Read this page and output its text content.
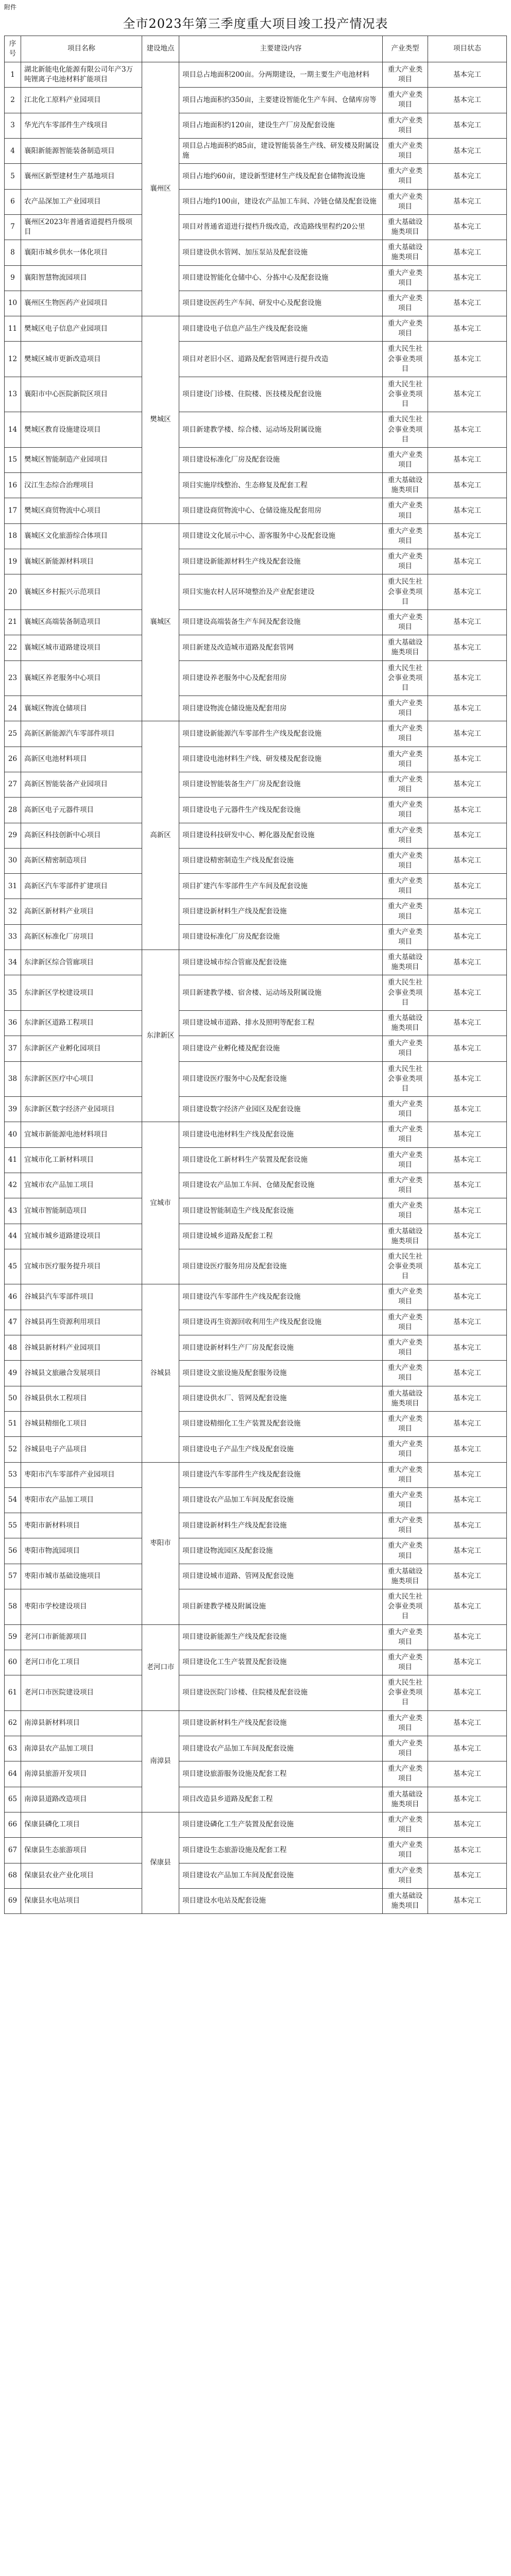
附件
全市2023年第三季度重大项目竣工投产情况表
序号	项目名称	建设地点	主要建设内容	产业类型	项目状态
1	湖北新能电化能源有限公司年产3万吨锂离子电池材料扩能项目	襄州区	项目总占地面积200亩。分两期建设，一期主要生产电池材料	重大产业类项目	基本完工
2	江北化工原料产业园项目		项目占地面积约350亩，主要建设智能化生产车间、仓储库房等	重大产业类项目	基本完工
3	华光汽车零部件生产线项目		项目占地面积约120亩，建设生产厂房及配套设施	重大产业类项目	基本完工
4	襄阳新能源智能装备制造项目		项目总占地面积约85亩，建设智能装备生产线、研发楼及附属设施	重大产业类项目	基本完工
5	襄州区新型建材生产基地项目		项目占地约60亩，建设新型建材生产线及配套仓储物流设施	重大产业类项目	基本完工
6	农产品深加工产业园项目		项目占地约100亩，建设农产品加工车间、冷链仓储及配套设施	重大产业类项目	基本完工
7	襄州区2023年普通省道提档升级项目		项目对普通省道进行提档升级改造，改造路线里程约20公里	重大基础设施类项目	基本完工
8	襄阳市城乡供水一体化项目		项目建设供水管网、加压泵站及配套设施	重大基础设施类项目	基本完工
9	襄阳智慧物流园项目		项目建设智能化仓储中心、分拣中心及配套设施	重大产业类项目	基本完工
10	襄州区生物医药产业园项目		项目建设医药生产车间、研发中心及配套设施	重大产业类项目	基本完工
11	樊城区电子信息产业园项目	樊城区	项目建设电子信息产品生产线及配套设施	重大产业类项目	基本完工
12	樊城区城市更新改造项目		项目对老旧小区、道路及配套管网进行提升改造	重大民生社会事业类项目	基本完工
13	襄阳市中心医院新院区项目		项目建设门诊楼、住院楼、医技楼及配套设施	重大民生社会事业类项目	基本完工
14	樊城区教育设施建设项目		项目新建教学楼、综合楼、运动场及附属设施	重大民生社会事业类项目	基本完工
15	樊城区智能制造产业园项目		项目建设标准化厂房及配套设施	重大产业类项目	基本完工
16	汉江生态综合治理项目		项目实施岸线整治、生态修复及配套工程	重大基础设施类项目	基本完工
17	樊城区商贸物流中心项目		项目建设商贸物流中心、仓储设施及配套用房	重大产业类项目	基本完工
18	襄城区文化旅游综合体项目	襄城区	项目建设文化展示中心、游客服务中心及配套设施	重大产业类项目	基本完工
19	襄城区新能源材料项目		项目建设新能源材料生产线及配套设施	重大产业类项目	基本完工
20	襄城区乡村振兴示范项目		项目实施农村人居环境整治及产业配套建设	重大民生社会事业类项目	基本完工
21	襄城区高端装备制造项目		项目建设高端装备生产车间及配套设施	重大产业类项目	基本完工
22	襄城区城市道路建设项目		项目新建及改造城市道路及配套管网	重大基础设施类项目	基本完工
23	襄城区养老服务中心项目		项目建设养老服务中心及配套用房	重大民生社会事业类项目	基本完工
24	襄城区物流仓储项目		项目建设物流仓储设施及配套用房	重大产业类项目	基本完工
25	高新区新能源汽车零部件项目	高新区	项目建设新能源汽车零部件生产线及配套设施	重大产业类项目	基本完工
26	高新区电池材料项目		项目建设电池材料生产线、研发楼及配套设施	重大产业类项目	基本完工
27	高新区智能装备产业园项目		项目建设智能装备生产厂房及配套设施	重大产业类项目	基本完工
28	高新区电子元器件项目		项目建设电子元器件生产线及配套设施	重大产业类项目	基本完工
29	高新区科技创新中心项目		项目建设科技研发中心、孵化器及配套设施	重大产业类项目	基本完工
30	高新区精密制造项目		项目建设精密制造生产线及配套设施	重大产业类项目	基本完工
31	高新区汽车零部件扩建项目		项目扩建汽车零部件生产车间及配套设施	重大产业类项目	基本完工
32	高新区新材料产业项目		项目建设新材料生产线及配套设施	重大产业类项目	基本完工
33	高新区标准化厂房项目		项目建设标准化厂房及配套设施	重大产业类项目	基本完工
34	东津新区综合管廊项目	东津新区	项目建设城市综合管廊及配套设施	重大基础设施类项目	基本完工
35	东津新区学校建设项目		项目新建教学楼、宿舍楼、运动场及附属设施	重大民生社会事业类项目	基本完工
36	东津新区道路工程项目		项目建设城市道路、排水及照明等配套工程	重大基础设施类项目	基本完工
37	东津新区产业孵化园项目		项目建设产业孵化楼及配套设施	重大产业类项目	基本完工
38	东津新区医疗中心项目		项目建设医疗服务中心及配套设施	重大民生社会事业类项目	基本完工
39	东津新区数字经济产业园项目		项目建设数字经济产业园区及配套设施	重大产业类项目	基本完工
40	宜城市新能源电池材料项目	宜城市	项目建设电池材料生产线及配套设施	重大产业类项目	基本完工
41	宜城市化工新材料项目		项目建设化工新材料生产装置及配套设施	重大产业类项目	基本完工
42	宜城市农产品加工项目		项目建设农产品加工车间、仓储及配套设施	重大产业类项目	基本完工
43	宜城市智能制造项目		项目建设智能制造生产线及配套设施	重大产业类项目	基本完工
44	宜城市城乡道路建设项目		项目建设城乡道路及配套工程	重大基础设施类项目	基本完工
45	宜城市医疗服务提升项目		项目建设医疗服务用房及配套设施	重大民生社会事业类项目	基本完工
46	谷城县汽车零部件项目	谷城县	项目建设汽车零部件生产线及配套设施	重大产业类项目	基本完工
47	谷城县再生资源利用项目		项目建设再生资源回收利用生产线及配套设施	重大产业类项目	基本完工
48	谷城县新材料产业园项目		项目建设新材料生产厂房及配套设施	重大产业类项目	基本完工
49	谷城县文旅融合发展项目		项目建设文旅设施及配套服务设施	重大产业类项目	基本完工
50	谷城县供水工程项目		项目建设供水厂、管网及配套设施	重大基础设施类项目	基本完工
51	谷城县精细化工项目		项目建设精细化工生产装置及配套设施	重大产业类项目	基本完工
52	谷城县电子产品项目		项目建设电子产品生产线及配套设施	重大产业类项目	基本完工
53	枣阳市汽车零部件产业园项目	枣阳市	项目建设汽车零部件生产线及配套设施	重大产业类项目	基本完工
54	枣阳市农产品加工项目		项目建设农产品加工车间及配套设施	重大产业类项目	基本完工
55	枣阳市新材料项目		项目建设新材料生产线及配套设施	重大产业类项目	基本完工
56	枣阳市物流园项目		项目建设物流园区及配套设施	重大产业类项目	基本完工
57	枣阳市城市基础设施项目		项目建设城市道路、管网及配套设施	重大基础设施类项目	基本完工
58	枣阳市学校建设项目		项目新建教学楼及附属设施	重大民生社会事业类项目	基本完工
59	老河口市新能源项目	老河口市	项目建设新能源生产线及配套设施	重大产业类项目	基本完工
60	老河口市化工项目		项目建设化工生产装置及配套设施	重大产业类项目	基本完工
61	老河口市医院建设项目		项目建设医院门诊楼、住院楼及配套设施	重大民生社会事业类项目	基本完工
62	南漳县新材料项目	南漳县	项目建设新材料生产线及配套设施	重大产业类项目	基本完工
63	南漳县农产品加工项目		项目建设农产品加工车间及配套设施	重大产业类项目	基本完工
64	南漳县旅游开发项目		项目建设旅游服务设施及配套工程	重大产业类项目	基本完工
65	南漳县道路改造项目		项目改造县乡道路及配套工程	重大基础设施类项目	基本完工
66	保康县磷化工项目	保康县	项目建设磷化工生产装置及配套设施	重大产业类项目	基本完工
67	保康县生态旅游项目		项目建设生态旅游设施及配套工程	重大产业类项目	基本完工
68	保康县农业产业化项目		项目建设农产品加工车间及配套设施	重大产业类项目	基本完工
69	保康县水电站项目		项目建设水电站及配套设施	重大基础设施类项目	基本完工
